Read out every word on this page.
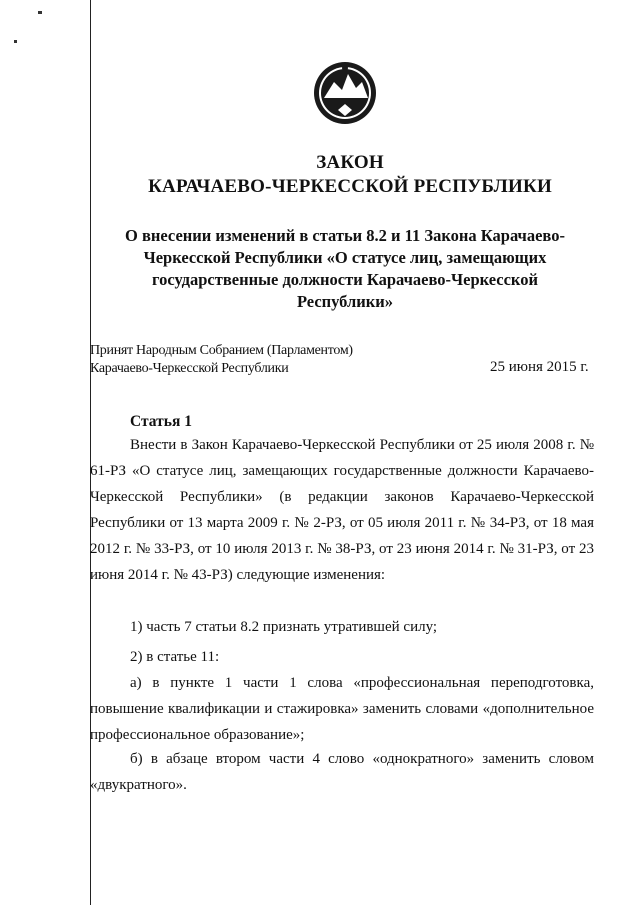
ЗАКОН
КАРАЧАЕВО-ЧЕРКЕССКОЙ РЕСПУБЛИКИ
О внесении изменений в статьи 8.2 и 11 Закона Карачаево-Черкесской Республики «О статусе лиц, замещающих государственные должности Карачаево-Черкесской Республики»
Принят Народным Собранием (Парламентом)
Карачаево-Черкесской Республики	25 июня 2015 г.
Статья 1
Внести в Закон Карачаево-Черкесской Республики от 25 июля 2008 г. № 61-РЗ «О статусе лиц, замещающих государственные должности Карачаево-Черкесской Республики» (в редакции законов Карачаево-Черкесской Республики от 13 марта 2009 г. № 2-РЗ, от 05 июля 2011 г. № 34-РЗ, от 18 мая 2012 г. № 33-РЗ, от 10 июля 2013 г. № 38-РЗ, от 23 июня 2014 г. № 31-РЗ, от 23 июня 2014 г. № 43-РЗ) следующие изменения:
1) часть 7 статьи 8.2 признать утратившей силу;
2) в статье 11:
а) в пункте 1 части 1 слова «профессиональная переподготовка, повышение квалификации и стажировка» заменить словами «дополнительное профессиональное образование»;
б) в абзаце втором части 4 слово «однократного» заменить словом «двукратного».
